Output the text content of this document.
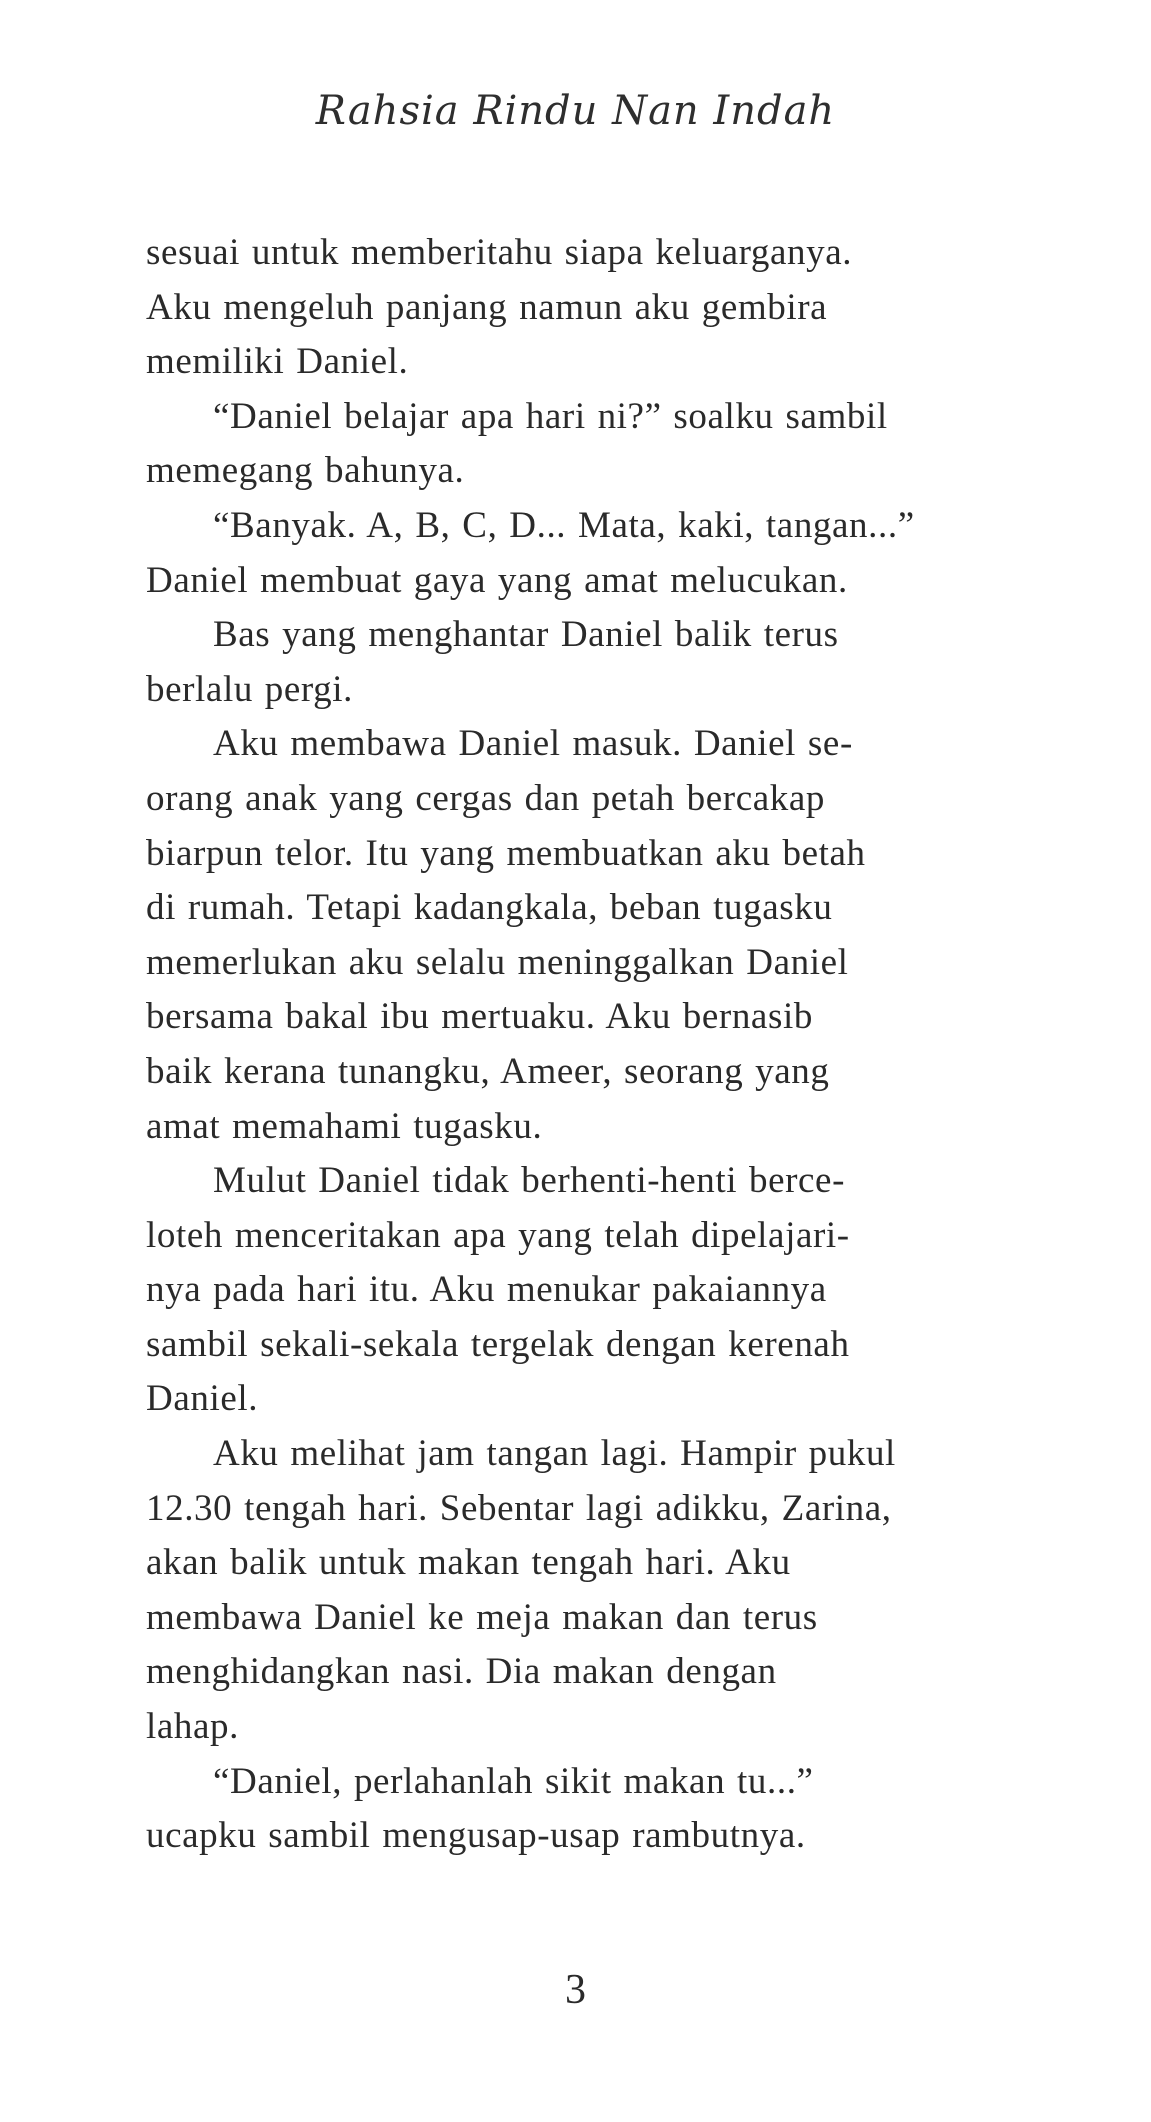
Rahsia Rindu Nan Indah

sesuai untuk memberitahu siapa keluarganya.
Aku mengeluh panjang namun aku gembira
memiliki Daniel.

“Daniel belajar apa hari ni?” soalku sambil
memegang bahunya.

“Banyak. A, B, C, D... Mata, kaki, tangan...”
Daniel membuat gaya yang amat melucukan.

Bas yang menghantar Daniel balik terus
berlalu pergi.

Aku membawa Daniel masuk. Daniel se-
orang anak yang cergas dan petah bercakap
biarpun telor. Itu yang membuatkan aku betah
di rumah. Tetapi kadangkala, beban tugasku
memerlukan aku selalu meninggalkan Daniel
bersama bakal ibu mertuaku. Aku bernasib
baik kerana tunangku, Ameer, seorang yang
amat memahami tugasku.

Mulut Daniel tidak berhenti-henti berce-
loteh menceritakan apa yang telah dipelajari-
nya pada hari itu. Aku menukar pakaiannya
sambil sekali-sekala tergelak dengan kerenah
Daniel.

Aku melihat jam tangan lagi. Hampir pukul
12.30 tengah hari. Sebentar lagi adikku, Zarina,
akan balik untuk makan tengah hari. Aku
membawa Daniel ke meja makan dan terus
menghidangkan nasi. Dia makan dengan
lahap.

“Daniel, perlahanlah sikit makan tu...”
ucapku sambil mengusap-usap rambutnya.

3
